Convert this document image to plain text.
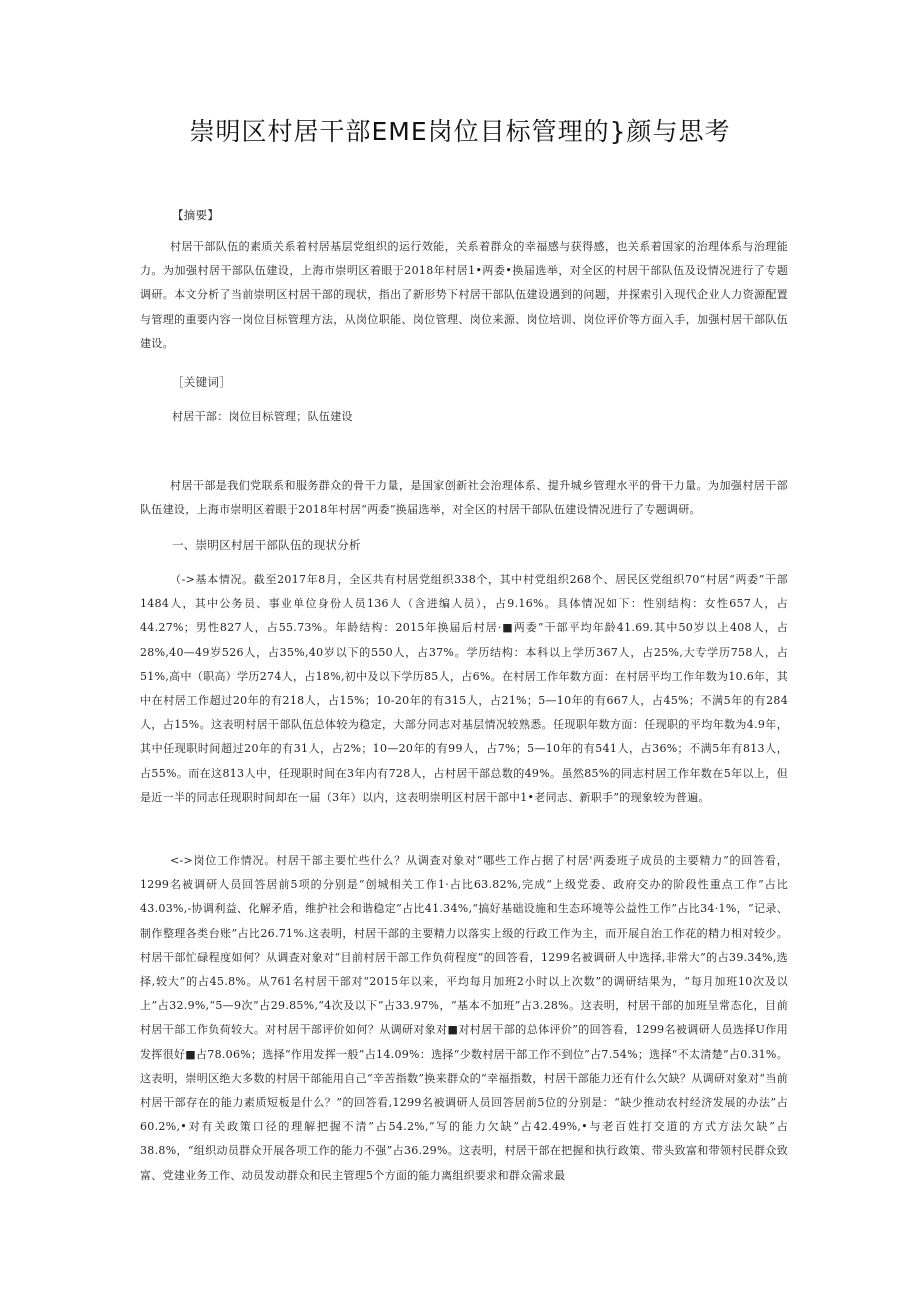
崇明区村居干部EME岗位目标管理的}颜与思考
【摘要】

村居干部队伍的素质关系着村居基层党组织的运行效能，关系着群众的幸福感与获得感，也关系着国家的治理体系与治理能力。为加强村居干部队伍建设，上海市崇明区着眼于2018年村居1•两委•换届选举，对全区的村居干部队伍及设情况进行了专题调研。本文分析了当前崇明区村居干部的现状，指出了新形势下村居干部队伍建设遇到的问题，并探索引入现代企业人力资源配置与管理的重要内容一岗位目标管理方法，从岗位职能、岗位管理、岗位来源、岗位培训、岗位评价等方面入手，加强村居干部队伍建设。

［关键词］
村居干部：岗位目标管理；队伍建设

村居干部是我们党联系和服务群众的骨干力量，是国家创新社会治理体系、提升城乡管理水平的骨干力量。为加强村居干部队伍建设，上海市崇明区着眼于2018年村居“两委”换届选举，对全区的村居干部队伍建设情况进行了专题调研。

一、崇明区村居干部队伍的现状分析

（->基本情况。截至2017年8月，全区共有村居党组织338个，其中村党组织268个、居民区党组织70“村居“两委”干部1484人，其中公务员、事业单位身份人员136人（含进编人员），占9.16%。具体情况如下：性别结构：女性657人，占44.27%；男性827人，占55.73%。年龄结构：2015年换届后村居·■两委”干部平均年龄41.69.其中50岁以上408人，占28%,40—49岁526人，占35%,40岁以下的550人，占37%。学历结构：本科以上学历367人，占25%,大专学历758人，占51%,高中（职高）学历274人，占18%,初中及以下学历85人，占6%。在村居工作年数方面：在村居平均工作年数为10.6年，其中在村居工作超过20年的有218人，占15%；10-20年的有315人，占21%；5—10年的有667人，占45%；不满5年的有284人，占15%。这表明村居干部队伍总体较为稳定，大部分同志对基层情况较熟悉。任现职年数方面：任现职的平均年数为4.9年，其中任现职时间超过20年的有31人，占2%；10—20年的有99人，占7%；5—10年的有541人，占36%；不满5年有813人，占55%。而在这813人中，任现职时间在3年内有728人，占村居干部总数的49%。虽然85%的同志村居工作年数在5年以上，但是近一半的同志任现职时间却在一届（3年）以内，这表明崇明区村居干部中1•老同志、新职手”的现象较为普遍。

<->岗位工作情况。村居干部主要忙些什么？从调查对象对“哪些工作占据了村居'两委班子成员的主要精力”的回答看，1299名被调研人员回答居前5项的分别是“创城相关工作1·占比63.82%,完成“上级党委、政府交办的阶段性重点工作”占比43.03%,-协调利益、化解矛盾，维护社会和谐稳定”占比41.34%,“搞好基础设施和生态环境等公益性工作”占比34·1%，“记录、制作整理各类台账”占比26.71%.这表明，村居干部的主要精力以落实上级的行政工作为主，而开展自治工作花的精力相对较少。村居干部忙碌程度如何？从调查对象对“目前村居干部工作负荷程度”的回答看，1299名被调研人中选择,非常大”的占39.34%,选择,较大”的占45.8%。从761名村居干部对“2015年以来，平均每月加班2小时以上次数”的调研结果为，“每月加班10次及以上”占32.9%,“5—9次”占29.85%,“4次及以下”占33.97%，“基本不加班”占3.28%。这表明，村居干部的加班呈常态化，目前村居干部工作负荷较大。对村居干部评价如何？从调研对象对■对村居干部的总体评价”的回答看，1299名被调研人员选择U作用发挥很好■占78.06%；选择“作用发挥一般”占14.09%：选择“少数村居干部工作不到位”占7.54%；选择“不太清楚”占0.31%。这表明，崇明区绝大多数的村居干部能用自己“辛苦指数”换来群众的“幸福指数，村居干部能力还有什么欠缺？从调研对象对“当前村居干部存在的能力素质短板是什么？”的回答看,1299名被调研人员回答居前5位的分别是：“缺少推动农村经济发展的办法”占60.2%,•对有关政策口径的理解把握不清”占54.2%,“写的能力欠缺”占42.49%,•与老百姓打交道的方式方法欠缺”占38.8%，“组织动员群众开展各项工作的能力不强”占36.29%。这表明，村居干部在把握和执行政策、带头致富和带领村民群众致富、党建业务工作、动员发动群众和民主管理5个方面的能力离组织要求和群众需求最
